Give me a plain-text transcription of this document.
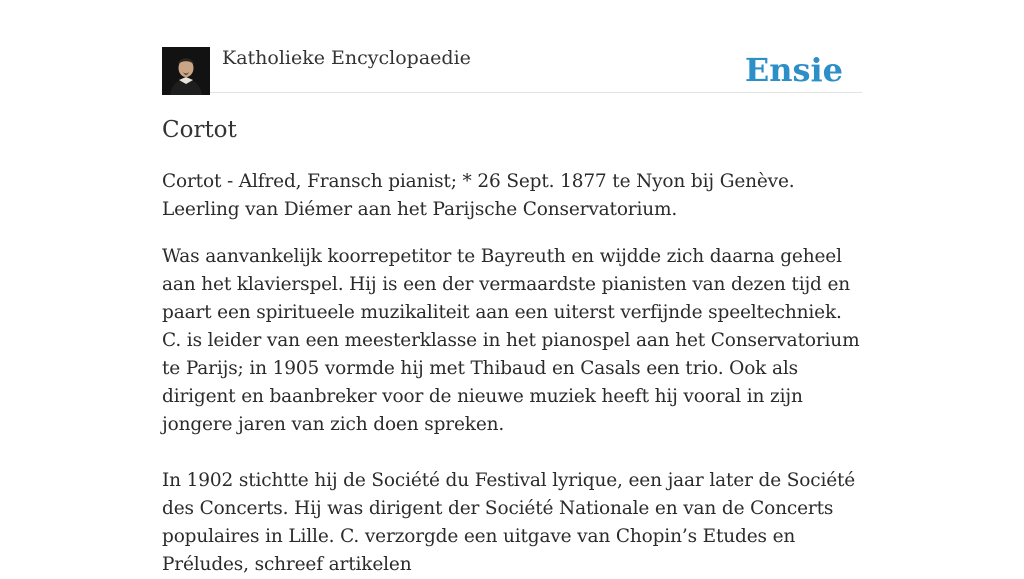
Katholieke Encyclopaedie	Ensie
Cortot

Cortot - Alfred, Fransch pianist; * 26 Sept. 1877 te Nyon bij Genève. Leerling van Diémer aan het Parijsche Conservatorium.

Was aanvankelijk koorrepetitor te Bayreuth en wijdde zich daarna geheel aan het klavierspel. Hij is een der vermaardste pianisten van dezen tijd en paart een spiritueele muzikaliteit aan een uiterst verfijnde speeltechniek. C. is leider van een meesterklasse in het pianospel aan het Conservatorium te Parijs; in 1905 vormde hij met Thibaud en Casals een trio. Ook als dirigent en baanbreker voor de nieuwe muziek heeft hij vooral in zijn jongere jaren van zich doen spreken.

In 1902 stichtte hij de Société du Festival lyrique, een jaar later de Société des Concerts. Hij was dirigent der Société Nationale en van de Concerts populaires in Lille. C. verzorgde een uitgave van Chopin’s Etudes en Préludes, schreef artikelen
